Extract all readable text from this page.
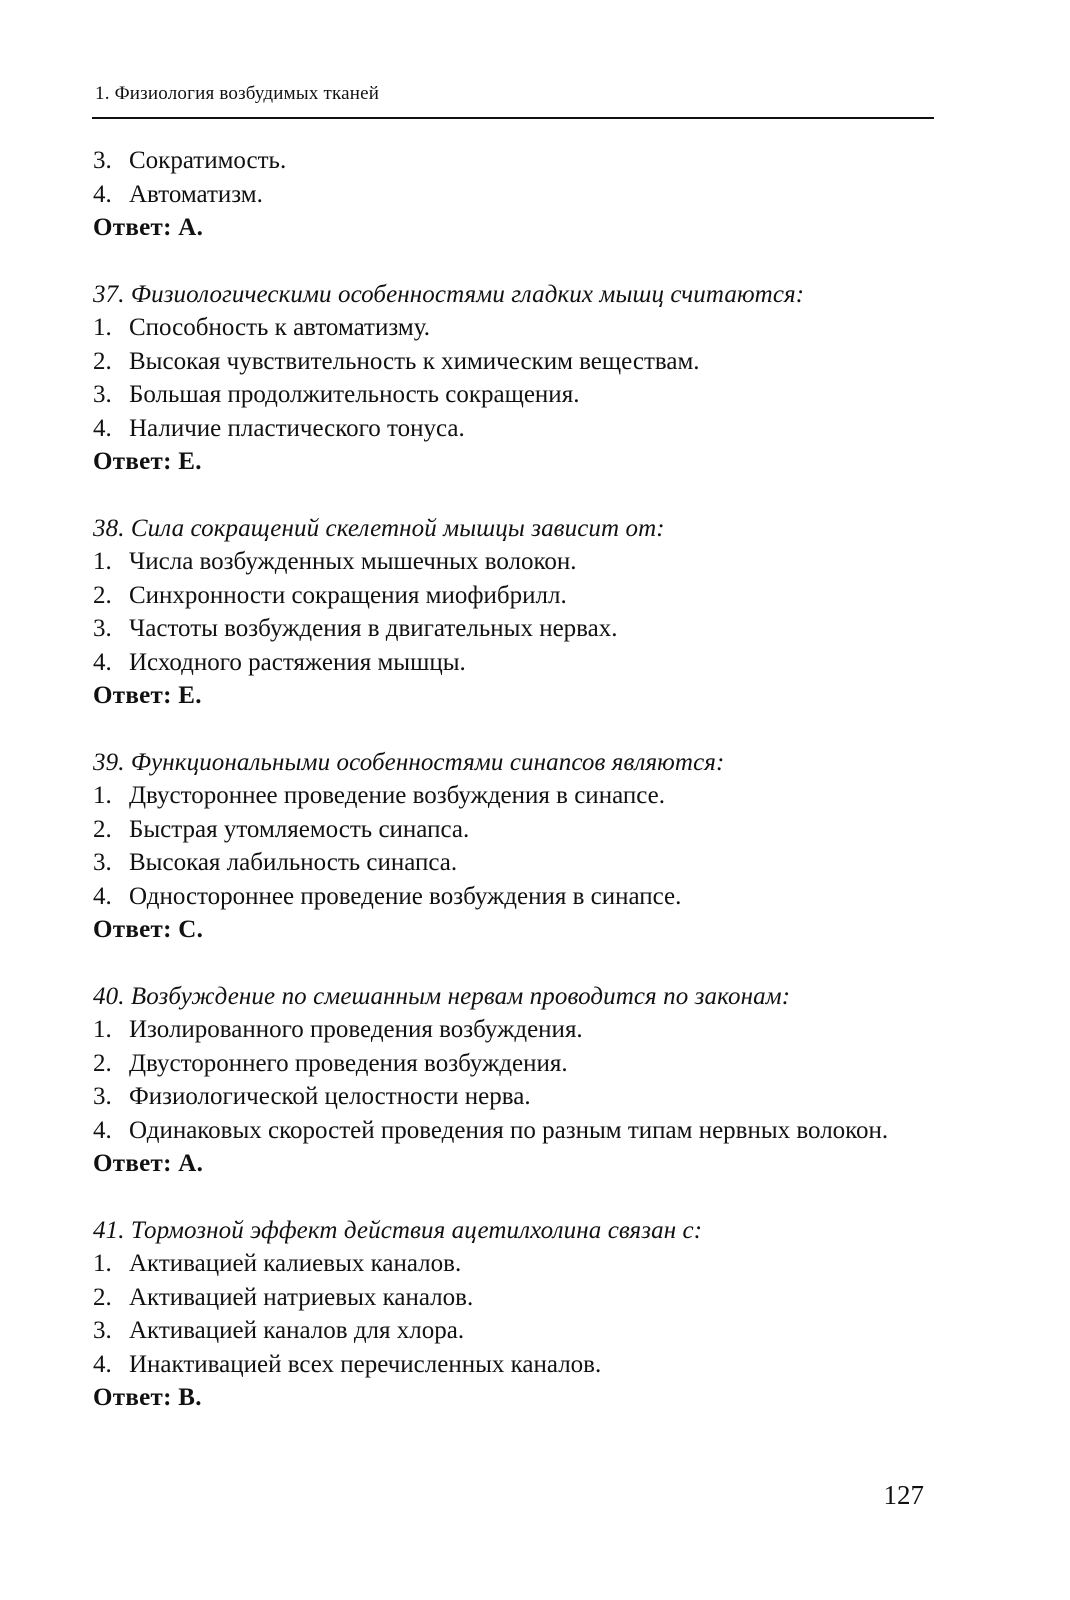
1. Физиология возбудимых тканей
3. Сократимость.
4. Автоматизм.
Ответ: А.
37. Физиологическими особенностями гладких мышц считаются:
1. Способность к автоматизму.
2. Высокая чувствительность к химическим веществам.
3. Большая продолжительность сокращения.
4. Наличие пластического тонуса.
Ответ: Е.
38. Сила сокращений скелетной мышцы зависит от:
1. Числа возбужденных мышечных волокон.
2. Синхронности сокращения миофибрилл.
3. Частоты возбуждения в двигательных нервах.
4. Исходного растяжения мышцы.
Ответ: Е.
39. Функциональными особенностями синапсов являются:
1. Двустороннее проведение возбуждения в синапсе.
2. Быстрая утомляемость синапса.
3. Высокая лабильность синапса.
4. Одностороннее проведение возбуждения в синапсе.
Ответ: С.
40. Возбуждение по смешанным нервам проводится по законам:
1. Изолированного проведения возбуждения.
2. Двустороннего проведения возбуждения.
3. Физиологической целостности нерва.
4. Одинаковых скоростей проведения по разным типам нервных волокон.
Ответ: А.
41. Тормозной эффект действия ацетилхолина связан с:
1. Активацией калиевых каналов.
2. Активацией натриевых каналов.
3. Активацией каналов для хлора.
4. Инактивацией всех перечисленных каналов.
Ответ: В.
127
